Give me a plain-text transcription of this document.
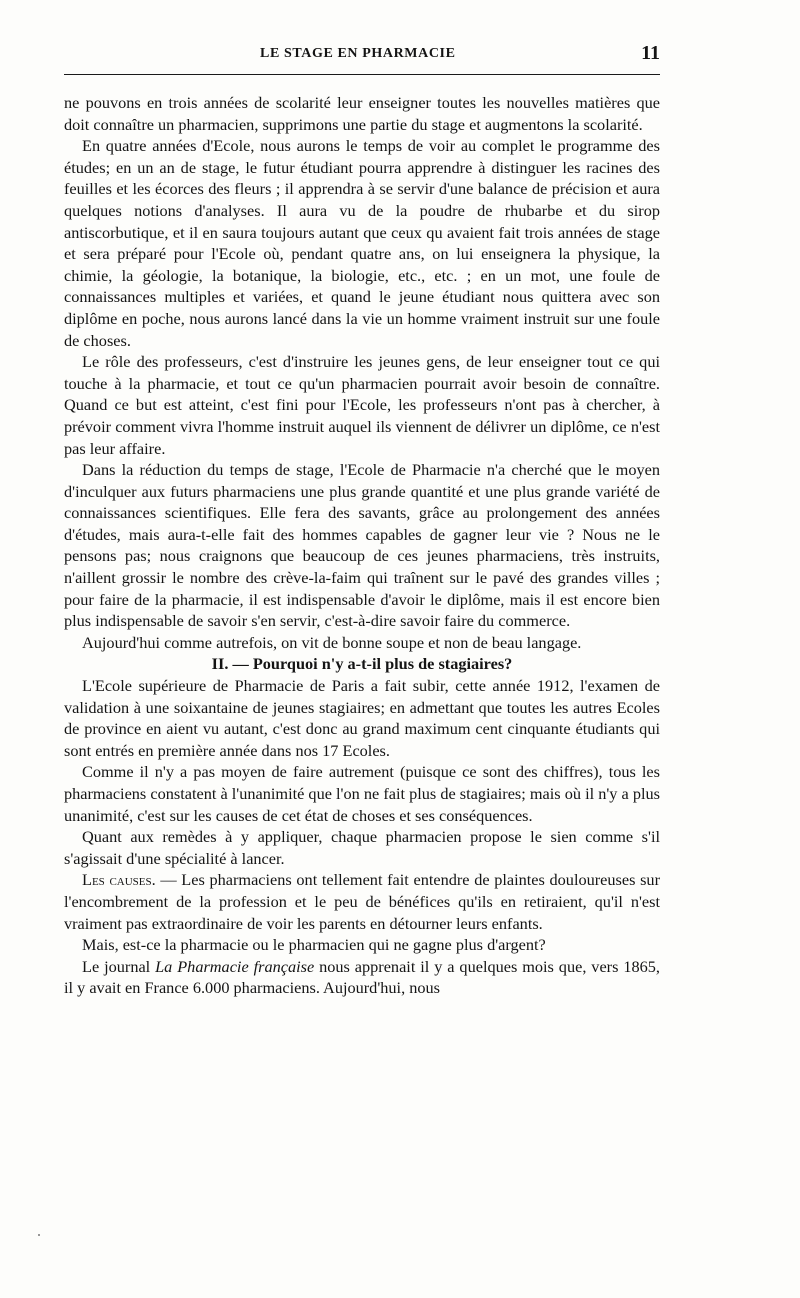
LE STAGE EN PHARMACIE	11

ne pouvons en trois années de scolarité leur enseigner toutes les nouvelles matières que doit connaître un pharmacien, supprimons une partie du stage et augmentons la scolarité.

En quatre années d'Ecole, nous aurons le temps de voir au complet le programme des études; en un an de stage, le futur étudiant pourra apprendre à distinguer les racines des feuilles et les écorces des fleurs ; il apprendra à se servir d'une balance de précision et aura quelques notions d'analyses. Il aura vu de la poudre de rhubarbe et du sirop antiscorbutique, et il en saura toujours autant que ceux qu avaient fait trois années de stage et sera préparé pour l'Ecole où, pendant quatre ans, on lui enseignera la physique, la chimie, la géologie, la botanique, la biologie, etc., etc. ; en un mot, une foule de connaissances multiples et variées, et quand le jeune étudiant nous quittera avec son diplôme en poche, nous aurons lancé dans la vie un homme vraiment instruit sur une foule de choses.

Le rôle des professeurs, c'est d'instruire les jeunes gens, de leur enseigner tout ce qui touche à la pharmacie, et tout ce qu'un pharmacien pourrait avoir besoin de connaître. Quand ce but est atteint, c'est fini pour l'Ecole, les professeurs n'ont pas à chercher, à prévoir comment vivra l'homme instruit auquel ils viennent de délivrer un diplôme, ce n'est pas leur affaire.

Dans la réduction du temps de stage, l'Ecole de Pharmacie n'a cherché que le moyen d'inculquer aux futurs pharmaciens une plus grande quantité et une plus grande variété de connaissances scientifiques. Elle fera des savants, grâce au prolongement des années d'études, mais aura-t-elle fait des hommes capables de gagner leur vie ? Nous ne le pensons pas; nous craignons que beaucoup de ces jeunes pharmaciens, très instruits, n'aillent grossir le nombre des crève-la-faim qui traînent sur le pavé des grandes villes ; pour faire de la pharmacie, il est indispensable d'avoir le diplôme, mais il est encore bien plus indispensable de savoir s'en servir, c'est-à-dire savoir faire du commerce.

Aujourd'hui comme autrefois, on vit de bonne soupe et non de beau langage.

II. — Pourquoi n'y a-t-il plus de stagiaires?

L'Ecole supérieure de Pharmacie de Paris a fait subir, cette année 1912, l'examen de validation à une soixantaine de jeunes stagiaires; en admettant que toutes les autres Ecoles de province en aient vu autant, c'est donc au grand maximum cent cinquante étudiants qui sont entrés en première année dans nos 17 Ecoles.

Comme il n'y a pas moyen de faire autrement (puisque ce sont des chiffres), tous les pharmaciens constatent à l'unanimité que l'on ne fait plus de stagiaires; mais où il n'y a plus unanimité, c'est sur les causes de cet état de choses et ses conséquences.

Quant aux remèdes à y appliquer, chaque pharmacien propose le sien comme s'il s'agissait d'une spécialité à lancer.

Les causes. — Les pharmaciens ont tellement fait entendre de plaintes douloureuses sur l'encombrement de la profession et le peu de bénéfices qu'ils en retiraient, qu'il n'est vraiment pas extraordinaire de voir les parents en détourner leurs enfants.

Mais, est-ce la pharmacie ou le pharmacien qui ne gagne plus d'argent?

Le journal La Pharmacie française nous apprenait il y a quelques mois que, vers 1865, il y avait en France 6.000 pharmaciens. Aujourd'hui, nous
